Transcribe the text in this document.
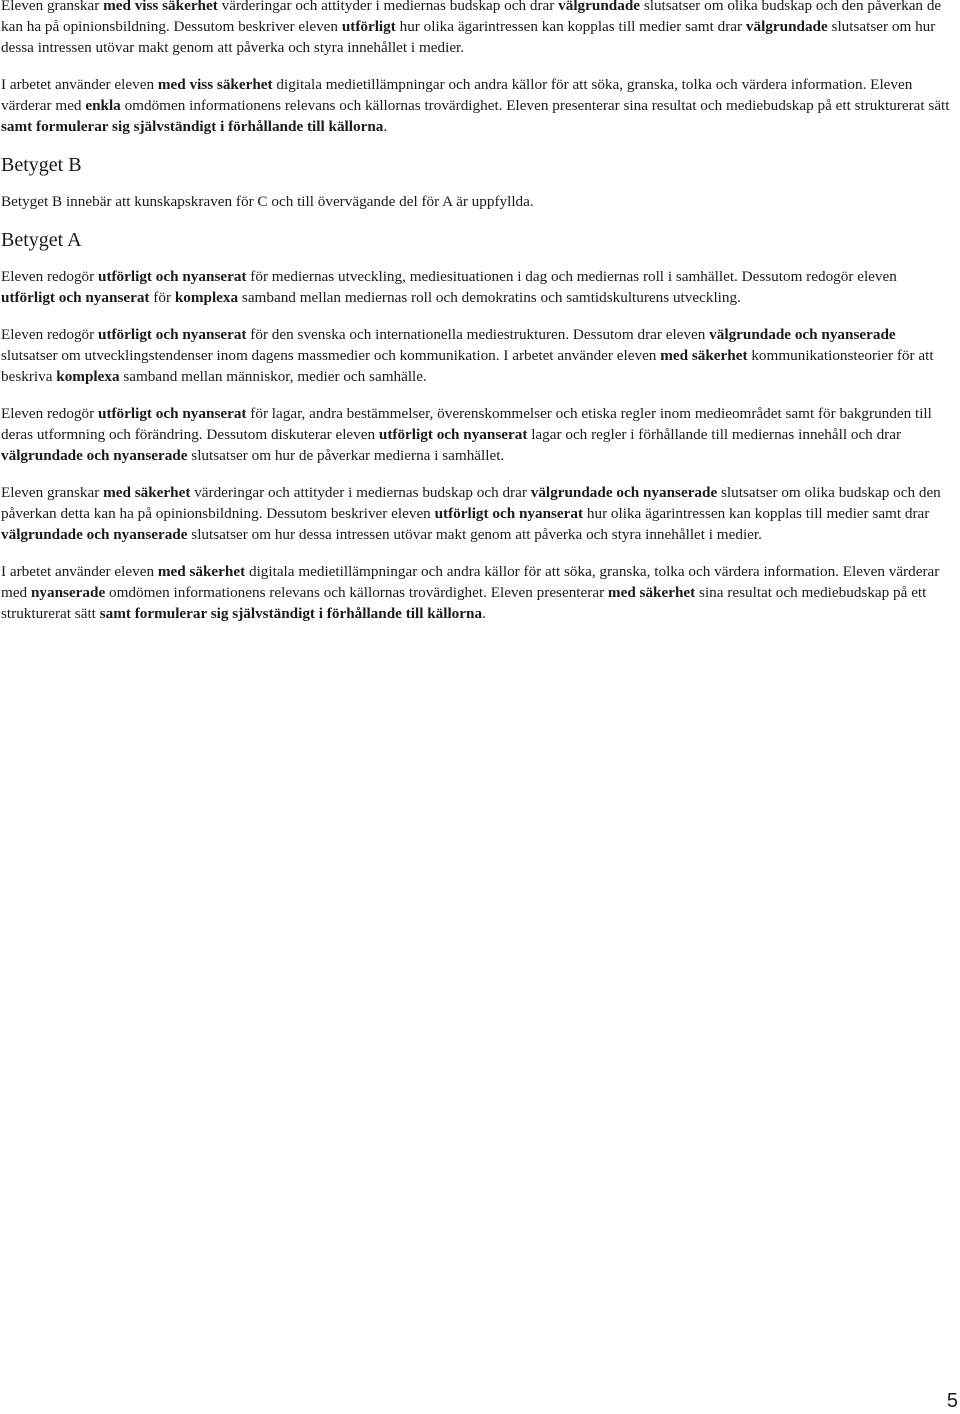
Eleven granskar med viss säkerhet värderingar och attityder i mediernas budskap och drar välgrundade slutsatser om olika budskap och den påverkan de kan ha på opinionsbildning. Dessutom beskriver eleven utförligt hur olika ägarintressen kan kopplas till medier samt drar välgrundade slutsatser om hur dessa intressen utövar makt genom att påverka och styra innehållet i medier.

I arbetet använder eleven med viss säkerhet digitala medietillämpningar och andra källor för att söka, granska, tolka och värdera information. Eleven värderar med enkla omdömen informationens relevans och källornas trovärdighet. Eleven presenterar sina resultat och mediebudskap på ett strukturerat sätt samt formulerar sig självständigt i förhållande till källorna.

Betyget B

Betyget B innebär att kunskapskraven för C och till övervägande del för A är uppfyllda.

Betyget A

Eleven redogör utförligt och nyanserat för mediernas utveckling, mediesituationen i dag och mediernas roll i samhället. Dessutom redogör eleven utförligt och nyanserat för komplexa samband mellan mediernas roll och demokratins och samtidskulturens utveckling.

Eleven redogör utförligt och nyanserat för den svenska och internationella mediestrukturen. Dessutom drar eleven välgrundade och nyanserade slutsatser om utvecklingstendenser inom dagens massmedier och kommunikation. I arbetet använder eleven med säkerhet kommunikationsteorier för att beskriva komplexa samband mellan människor, medier och samhälle.

Eleven redogör utförligt och nyanserat för lagar, andra bestämmelser, överenskommelser och etiska regler inom medieområdet samt för bakgrunden till deras utformning och förändring. Dessutom diskuterar eleven utförligt och nyanserat lagar och regler i förhållande till mediernas innehåll och drar välgrundade och nyanserade slutsatser om hur de påverkar medierna i samhället.

Eleven granskar med säkerhet värderingar och attityder i mediernas budskap och drar välgrundade och nyanserade slutsatser om olika budskap och den påverkan detta kan ha på opinionsbildning. Dessutom beskriver eleven utförligt och nyanserat hur olika ägarintressen kan kopplas till medier samt drar välgrundade och nyanserade slutsatser om hur dessa intressen utövar makt genom att påverka och styra innehållet i medier.

I arbetet använder eleven med säkerhet digitala medietillämpningar och andra källor för att söka, granska, tolka och värdera information. Eleven värderar med nyanserade omdömen informationens relevans och källornas trovärdighet. Eleven presenterar med säkerhet sina resultat och mediebudskap på ett strukturerat sätt samt formulerar sig självständigt i förhållande till källorna.

5
